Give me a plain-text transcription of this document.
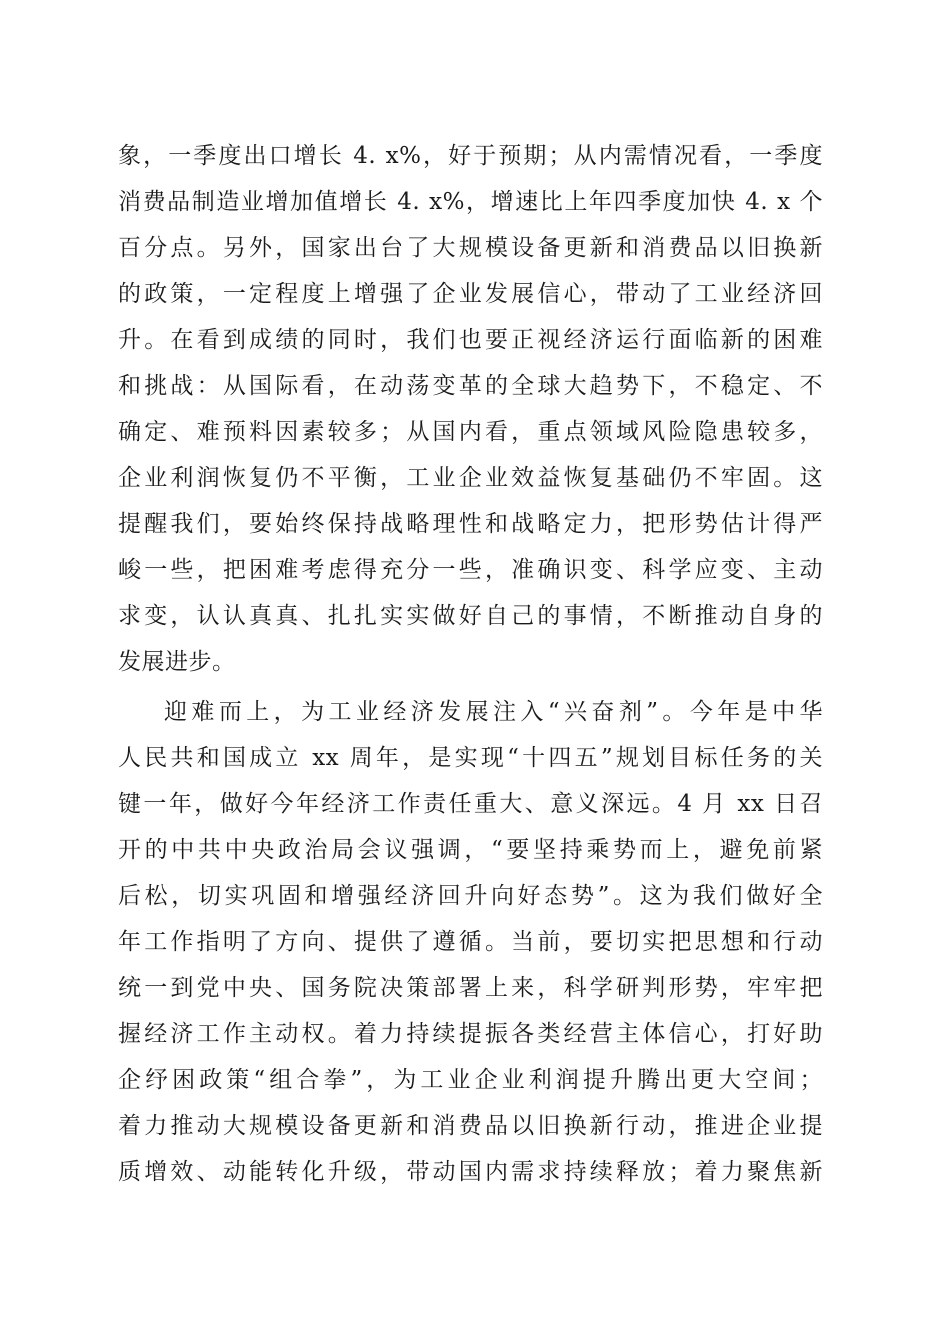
象，一季度出口增长 4. x%，好于预期；从内需情况看，一季度
消费品制造业增加值增长 4. x%，增速比上年四季度加快 4. x 个
百分点。另外，国家出台了大规模设备更新和消费品以旧换新
的政策，一定程度上增强了企业发展信心，带动了工业经济回
升。在看到成绩的同时，我们也要正视经济运行面临新的困难
和挑战：从国际看，在动荡变革的全球大趋势下，不稳定、不
确定、难预料因素较多；从国内看，重点领域风险隐患较多，
企业利润恢复仍不平衡，工业企业效益恢复基础仍不牢固。这
提醒我们，要始终保持战略理性和战略定力，把形势估计得严
峻一些，把困难考虑得充分一些，准确识变、科学应变、主动
求变，认认真真、扎扎实实做好自己的事情，不断推动自身的
发展进步。
迎难而上，为工业经济发展注入“兴奋剂”。今年是中华
人民共和国成立 xx 周年，是实现“十四五”规划目标任务的关
键一年，做好今年经济工作责任重大、意义深远。4 月 xx 日召
开的中共中央政治局会议强调，“要坚持乘势而上，避免前紧
后松，切实巩固和增强经济回升向好态势”。这为我们做好全
年工作指明了方向、提供了遵循。当前，要切实把思想和行动
统一到党中央、国务院决策部署上来，科学研判形势，牢牢把
握经济工作主动权。着力持续提振各类经营主体信心，打好助
企纾困政策“组合拳”，为工业企业利润提升腾出更大空间；
着力推动大规模设备更新和消费品以旧换新行动，推进企业提
质增效、动能转化升级，带动国内需求持续释放；着力聚焦新
